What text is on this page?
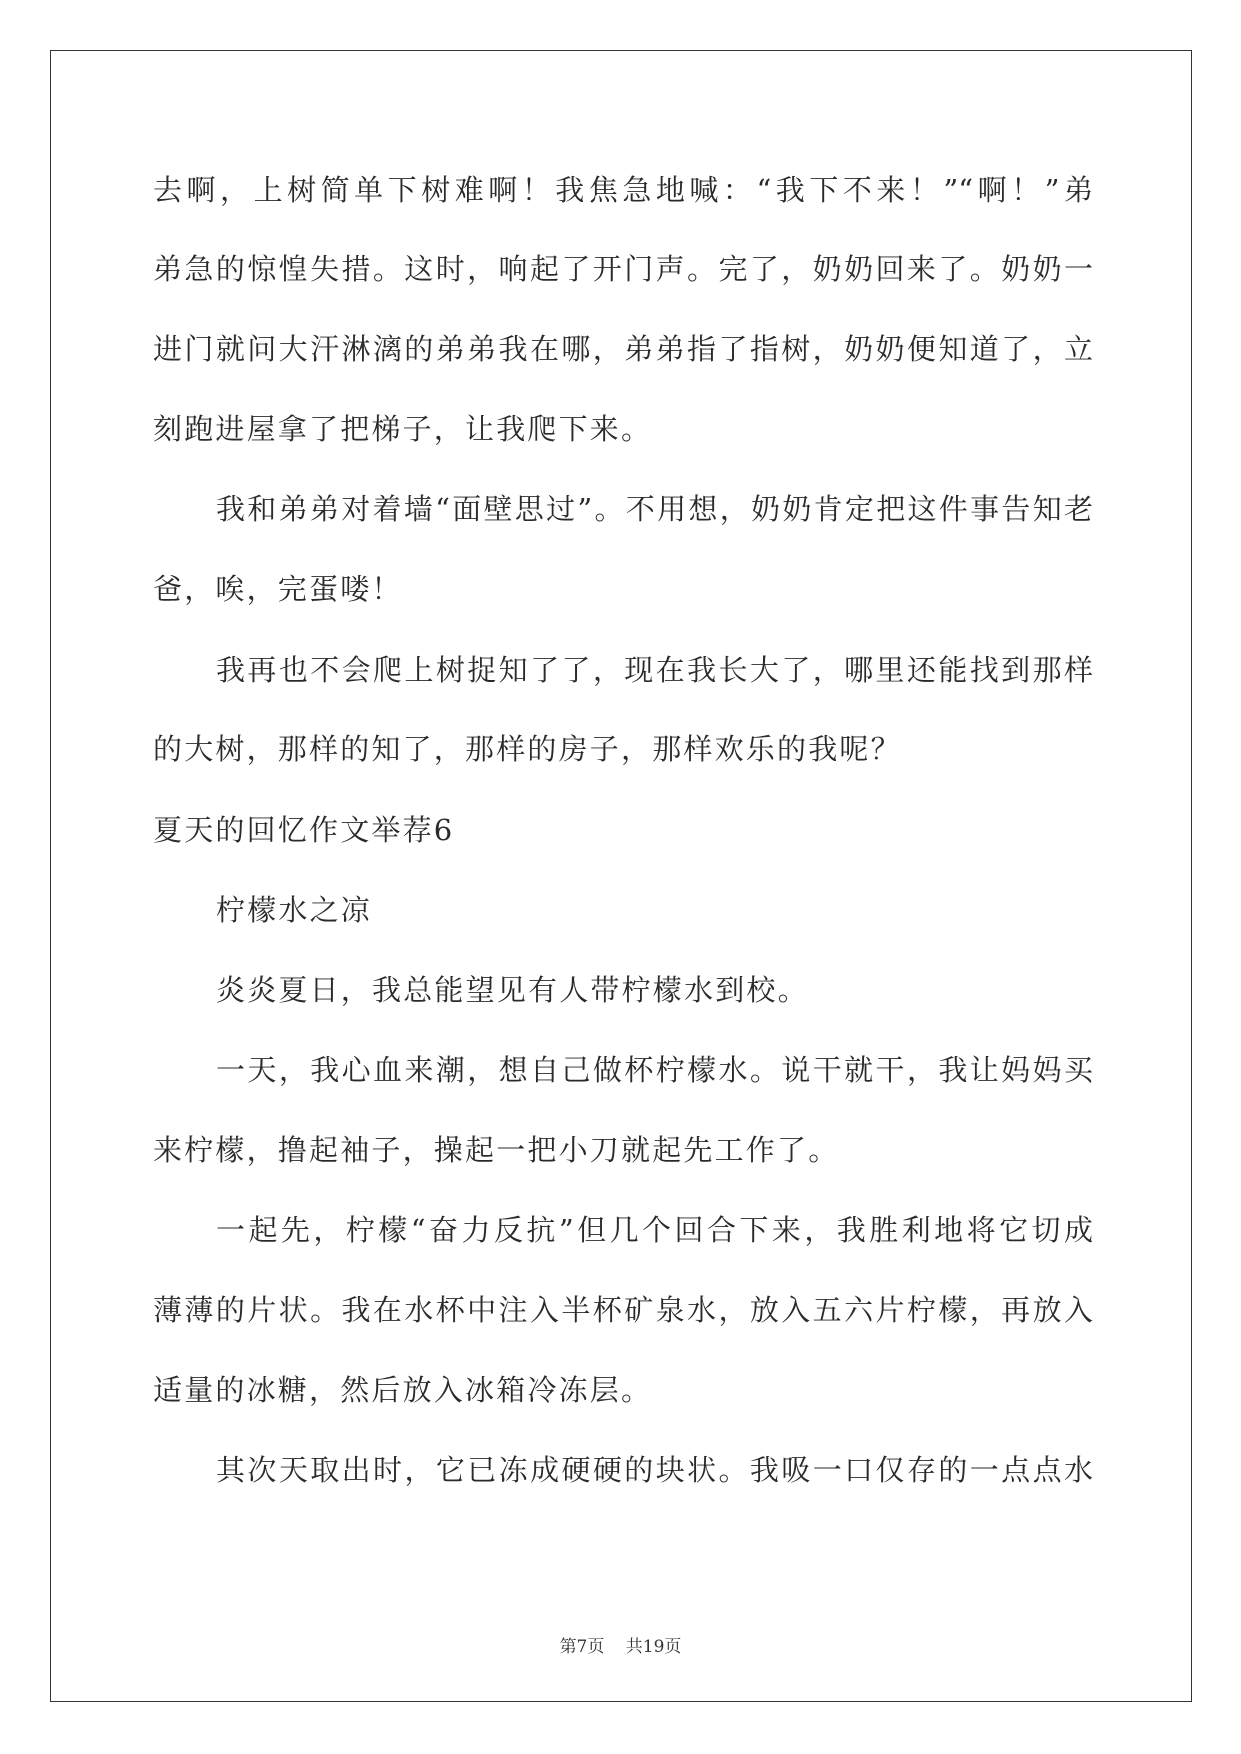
去啊，上树简单下树难啊！我焦急地喊：“我下不来！”“啊！”弟

弟急的惊惶失措。这时，响起了开门声。完了，奶奶回来了。奶奶一

进门就问大汗淋漓的弟弟我在哪，弟弟指了指树，奶奶便知道了，立

刻跑进屋拿了把梯子，让我爬下来。

我和弟弟对着墙“面壁思过”。不用想，奶奶肯定把这件事告知老

爸，唉，完蛋喽！

我再也不会爬上树捉知了了，现在我长大了，哪里还能找到那样

的大树，那样的知了，那样的房子，那样欢乐的我呢？

夏天的回忆作文举荐6

柠檬水之凉

炎炎夏日，我总能望见有人带柠檬水到校。

一天，我心血来潮，想自己做杯柠檬水。说干就干，我让妈妈买

来柠檬，撸起袖子，操起一把小刀就起先工作了。

一起先，柠檬“奋力反抗”但几个回合下来，我胜利地将它切成

薄薄的片状。我在水杯中注入半杯矿泉水，放入五六片柠檬，再放入

适量的冰糖，然后放入冰箱冷冻层。

其次天取出时，它已冻成硬硬的块状。我吸一口仅存的一点点水

第7页 共19页
